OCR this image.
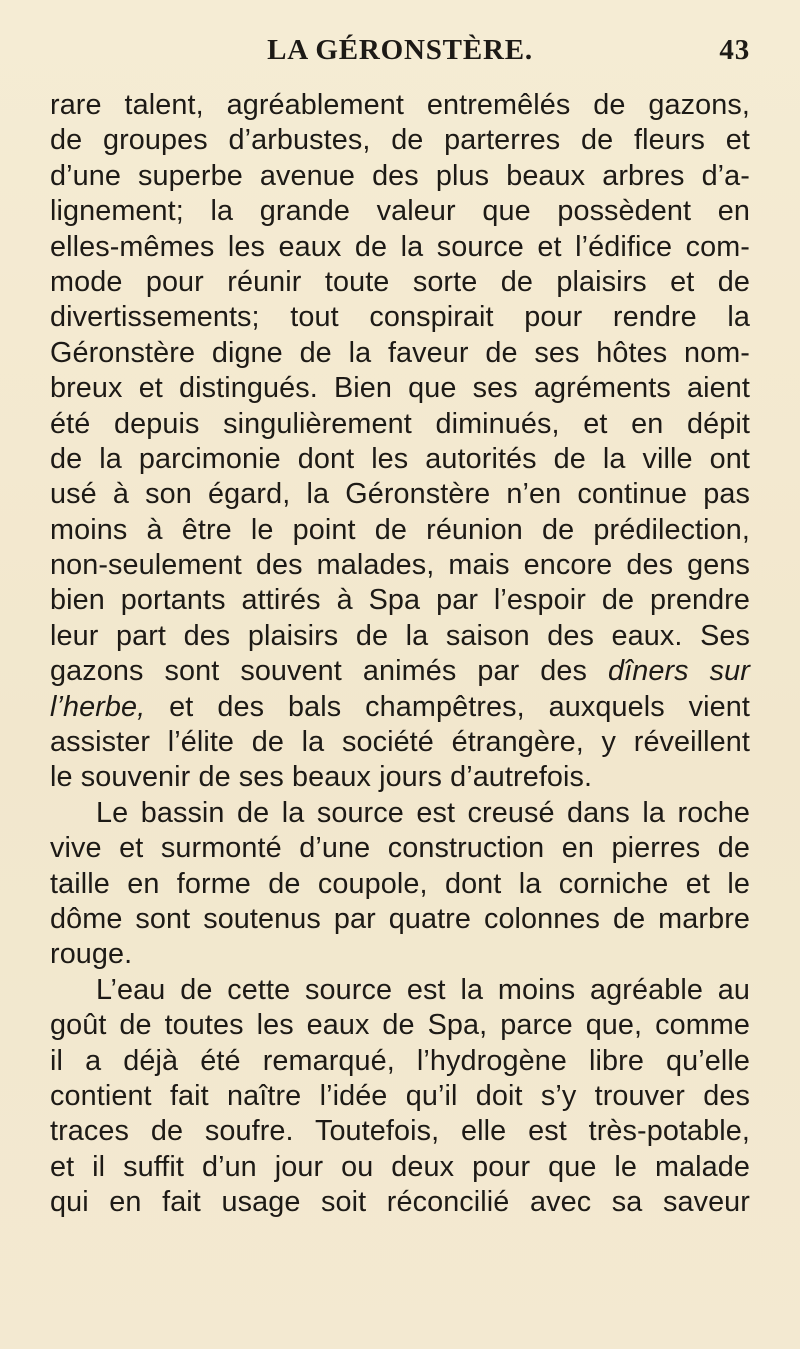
LA GÉRONSTÈRE.	43
rare talent, agréablement entremêlés de gazons,
de groupes d’arbustes, de parterres de fleurs et
d’une superbe avenue des plus beaux arbres d’a-
lignement; la grande valeur que possèdent en
elles-mêmes les eaux de la source et l’édifice com-
mode pour réunir toute sorte de plaisirs et de
divertissements; tout conspirait pour rendre la
Géronstère digne de la faveur de ses hôtes nom-
breux et distingués. Bien que ses agréments aient
été depuis singulièrement diminués, et en dépit
de la parcimonie dont les autorités de la ville ont
usé à son égard, la Géronstère n’en continue pas
moins à être le point de réunion de prédilection,
non-seulement des malades, mais encore des gens
bien portants attirés à Spa par l’espoir de prendre
leur part des plaisirs de la saison des eaux. Ses
gazons sont souvent animés par des dîners sur
l’herbe, et des bals champêtres, auxquels vient
assister l’élite de la société étrangère, y réveillent
le souvenir de ses beaux jours d’autrefois.
Le bassin de la source est creusé dans la roche
vive et surmonté d’une construction en pierres de
taille en forme de coupole, dont la corniche et le
dôme sont soutenus par quatre colonnes de marbre
rouge.
L’eau de cette source est la moins agréable au
goût de toutes les eaux de Spa, parce que, comme
il a déjà été remarqué, l’hydrogène libre qu’elle
contient fait naître l’idée qu’il doit s’y trouver des
traces de soufre. Toutefois, elle est très-potable,
et il suffit d’un jour ou deux pour que le malade
qui en fait usage soit réconcilié avec sa saveur
